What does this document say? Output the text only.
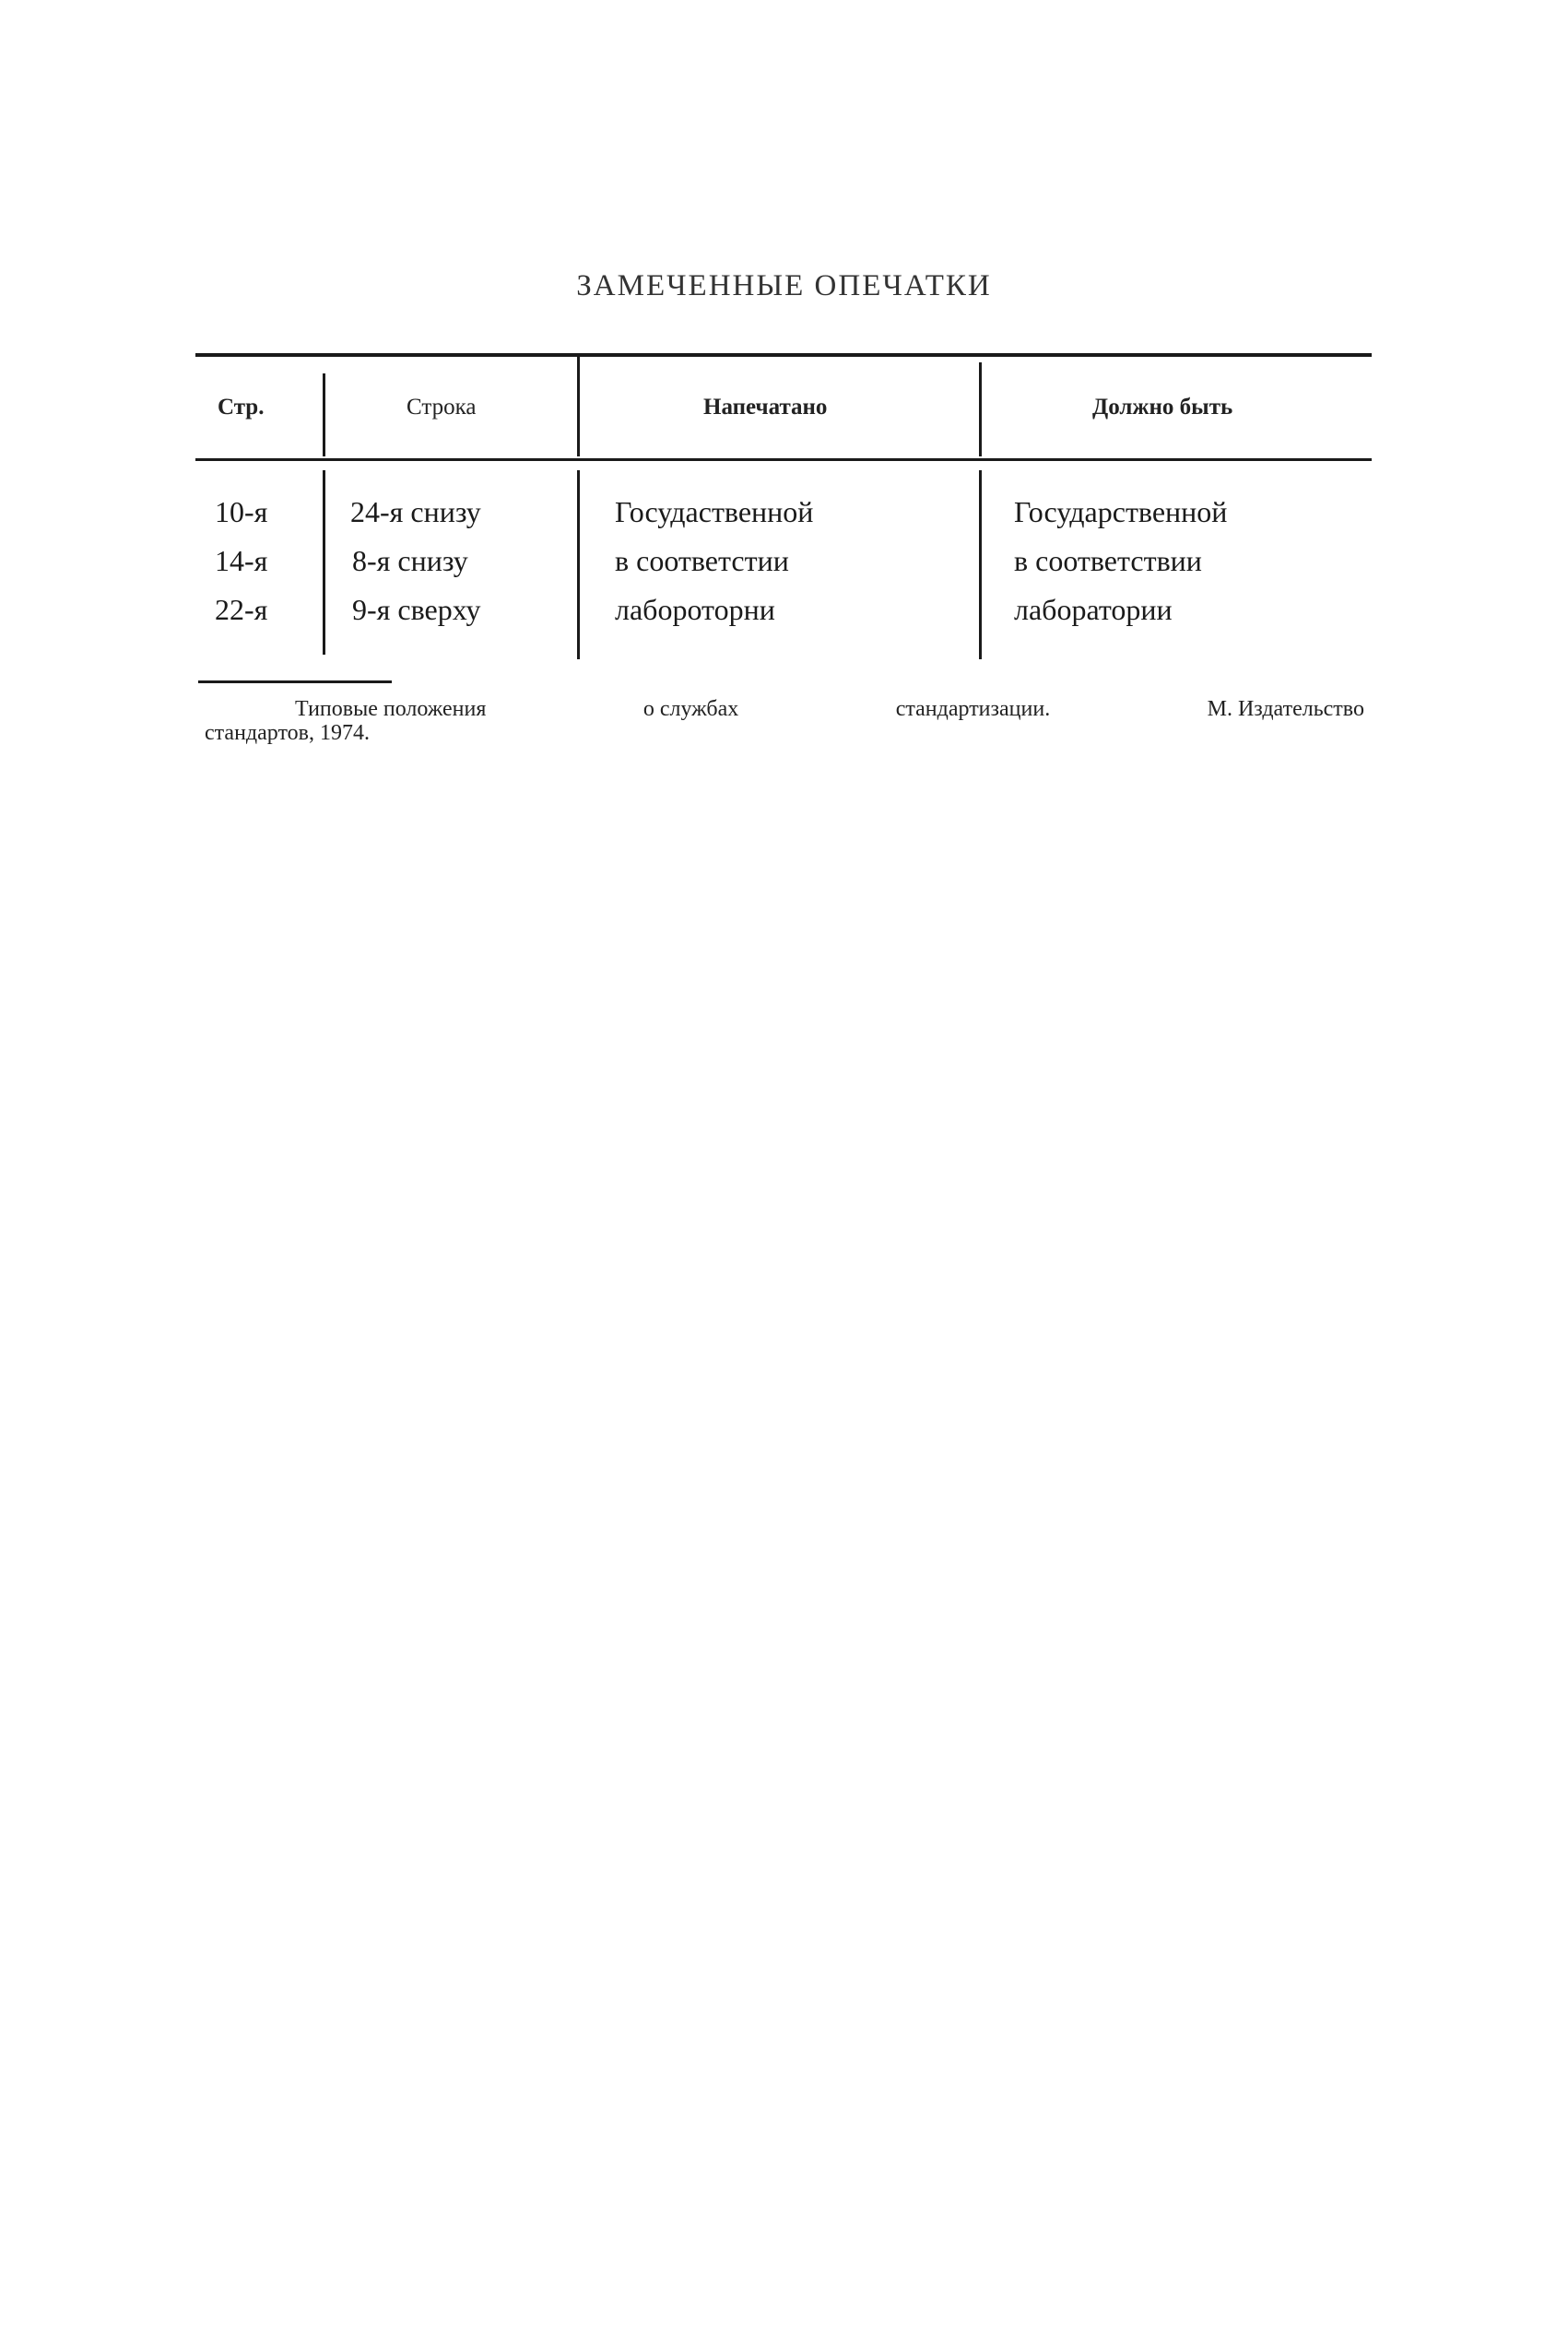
ЗАМЕЧЕННЫЕ ОПЕЧАТКИ
Стр.	Строка	Напечатано	Должно быть
10-я	24-я снизу	Госудаственной	Государственной
14-я	8-я снизу	в соответстии	в соответствии
22-я	9-я сверху	лабороторни	лаборатории
Типовые положения	о службах	стандартизации.	М. Издательство
стандартов, 1974.
